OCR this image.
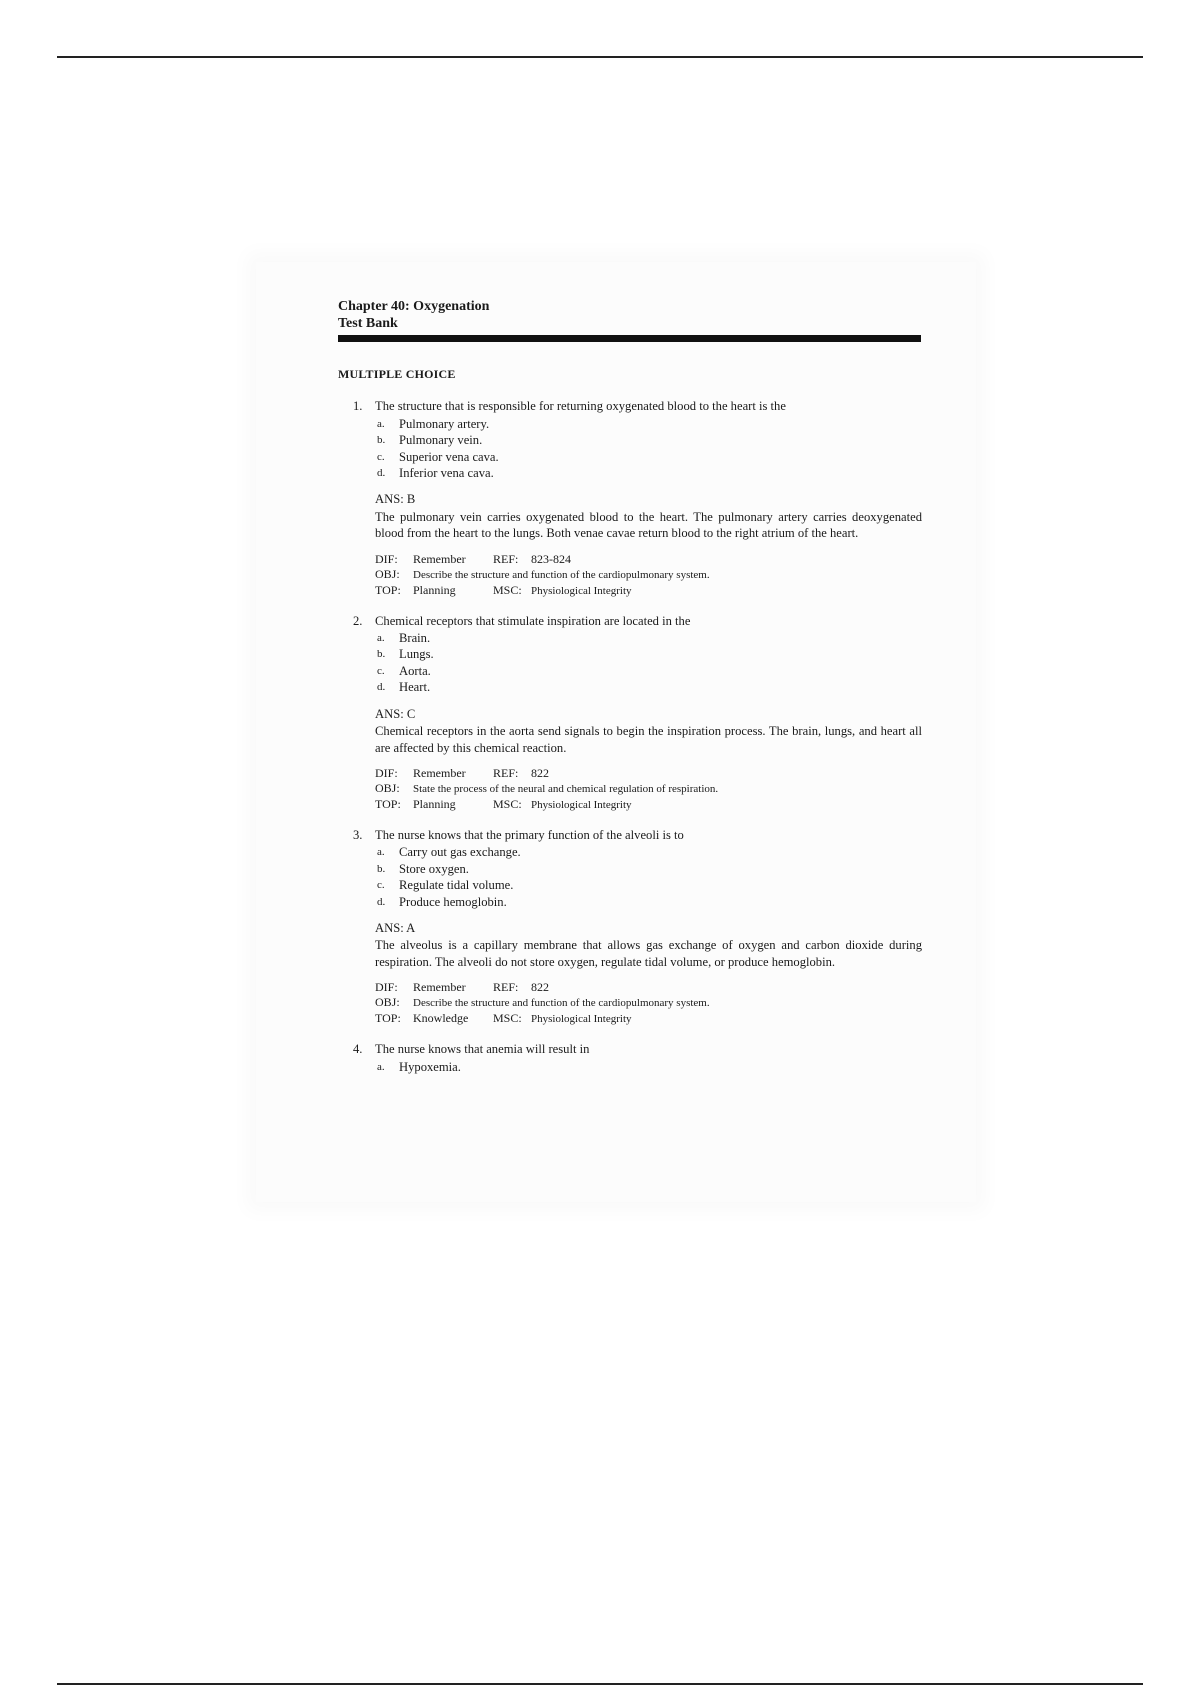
Chapter 40: Oxygenation
Test Bank
MULTIPLE CHOICE
1. The structure that is responsible for returning oxygenated blood to the heart is the
a. Pulmonary artery.
b. Pulmonary vein.
c. Superior vena cava.
d. Inferior vena cava.
ANS: B
The pulmonary vein carries oxygenated blood to the heart. The pulmonary artery carries deoxygenated blood from the heart to the lungs. Both venae cavae return blood to the right atrium of the heart.
DIF: Remember REF: 823-824
OBJ: Describe the structure and function of the cardiopulmonary system.
TOP: Planning	MSC: Physiological Integrity
2. Chemical receptors that stimulate inspiration are located in the
a. Brain.
b. Lungs.
c. Aorta.
d. Heart.
ANS: C
Chemical receptors in the aorta send signals to begin the inspiration process. The brain, lungs, and heart all are affected by this chemical reaction.
DIF: Remember REF: 822
OBJ: State the process of the neural and chemical regulation of respiration.
TOP: Planning	MSC: Physiological Integrity
3. The nurse knows that the primary function of the alveoli is to
a. Carry out gas exchange.
b. Store oxygen.
c. Regulate tidal volume.
d. Produce hemoglobin.
ANS: A
The alveolus is a capillary membrane that allows gas exchange of oxygen and carbon dioxide during respiration. The alveoli do not store oxygen, regulate tidal volume, or produce hemoglobin.
DIF: Remember REF: 822
OBJ: Describe the structure and function of the cardiopulmonary system.
TOP: Knowledge MSC: Physiological Integrity
4. The nurse knows that anemia will result in
a. Hypoxemia.
